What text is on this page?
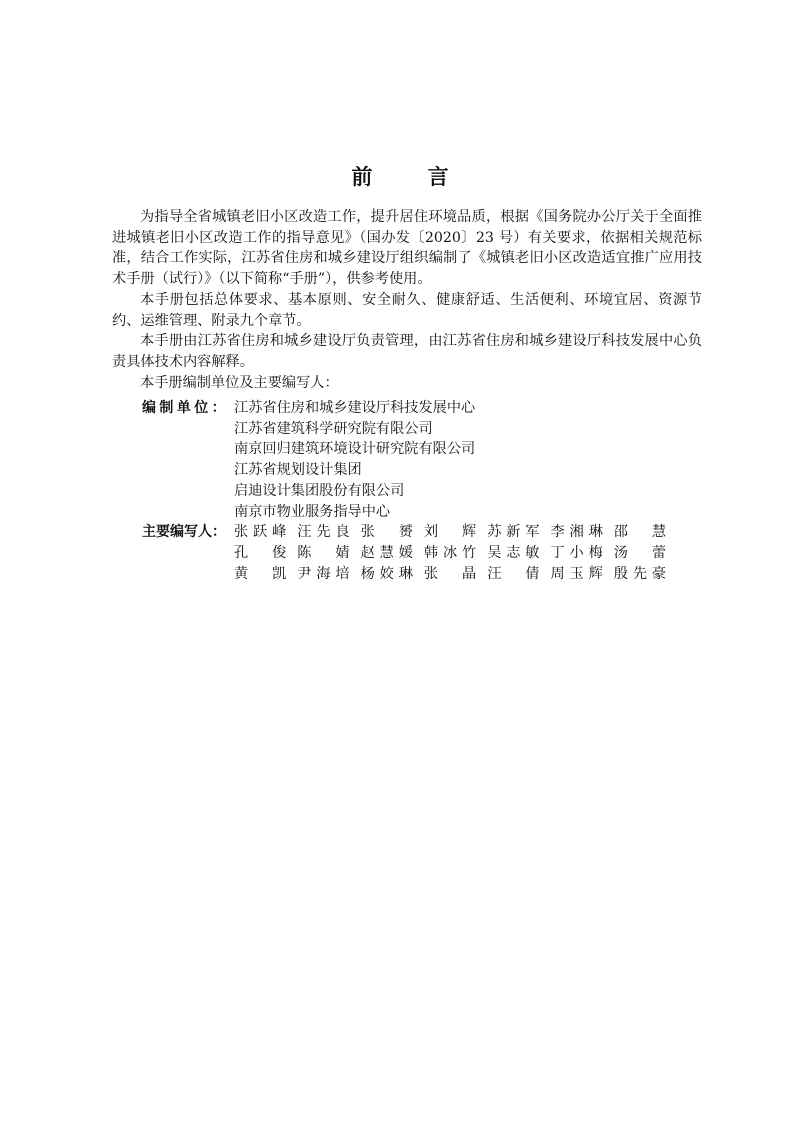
前 言

为指导全省城镇老旧小区改造工作，提升居住环境品质，根据《国务院办公厅关于全面推进城镇老旧小区改造工作的指导意见》（国办发〔2020〕23 号）有关要求，依据相关规范标准，结合工作实际，江苏省住房和城乡建设厅组织编制了《城镇老旧小区改造适宜推广应用技术手册（试行）》（以下简称“手册”），供参考使用。

本手册包括总体要求、基本原则、安全耐久、健康舒适、生活便利、环境宜居、资源节约、运维管理、附录九个章节。

本手册由江苏省住房和城乡建设厅负责管理，由江苏省住房和城乡建设厅科技发展中心负责具体技术内容解释。

本手册编制单位及主要编写人：

编制单位： 江苏省住房和城乡建设厅科技发展中心
江苏省建筑科学研究院有限公司
南京回归建筑环境设计研究院有限公司
江苏省规划设计集团
启迪设计集团股份有限公司
南京市物业服务指导中心
主要编写人： 张跃峰 汪先良 张 赟 刘 辉 苏新军 李湘琳 邵 慧
孔 俊 陈 婧 赵慧媛 韩冰竹 吴志敏 丁小梅 汤 蕾
黄 凯 尹海培 杨姣琳 张 晶 汪 倩 周玉辉 殷先豪
